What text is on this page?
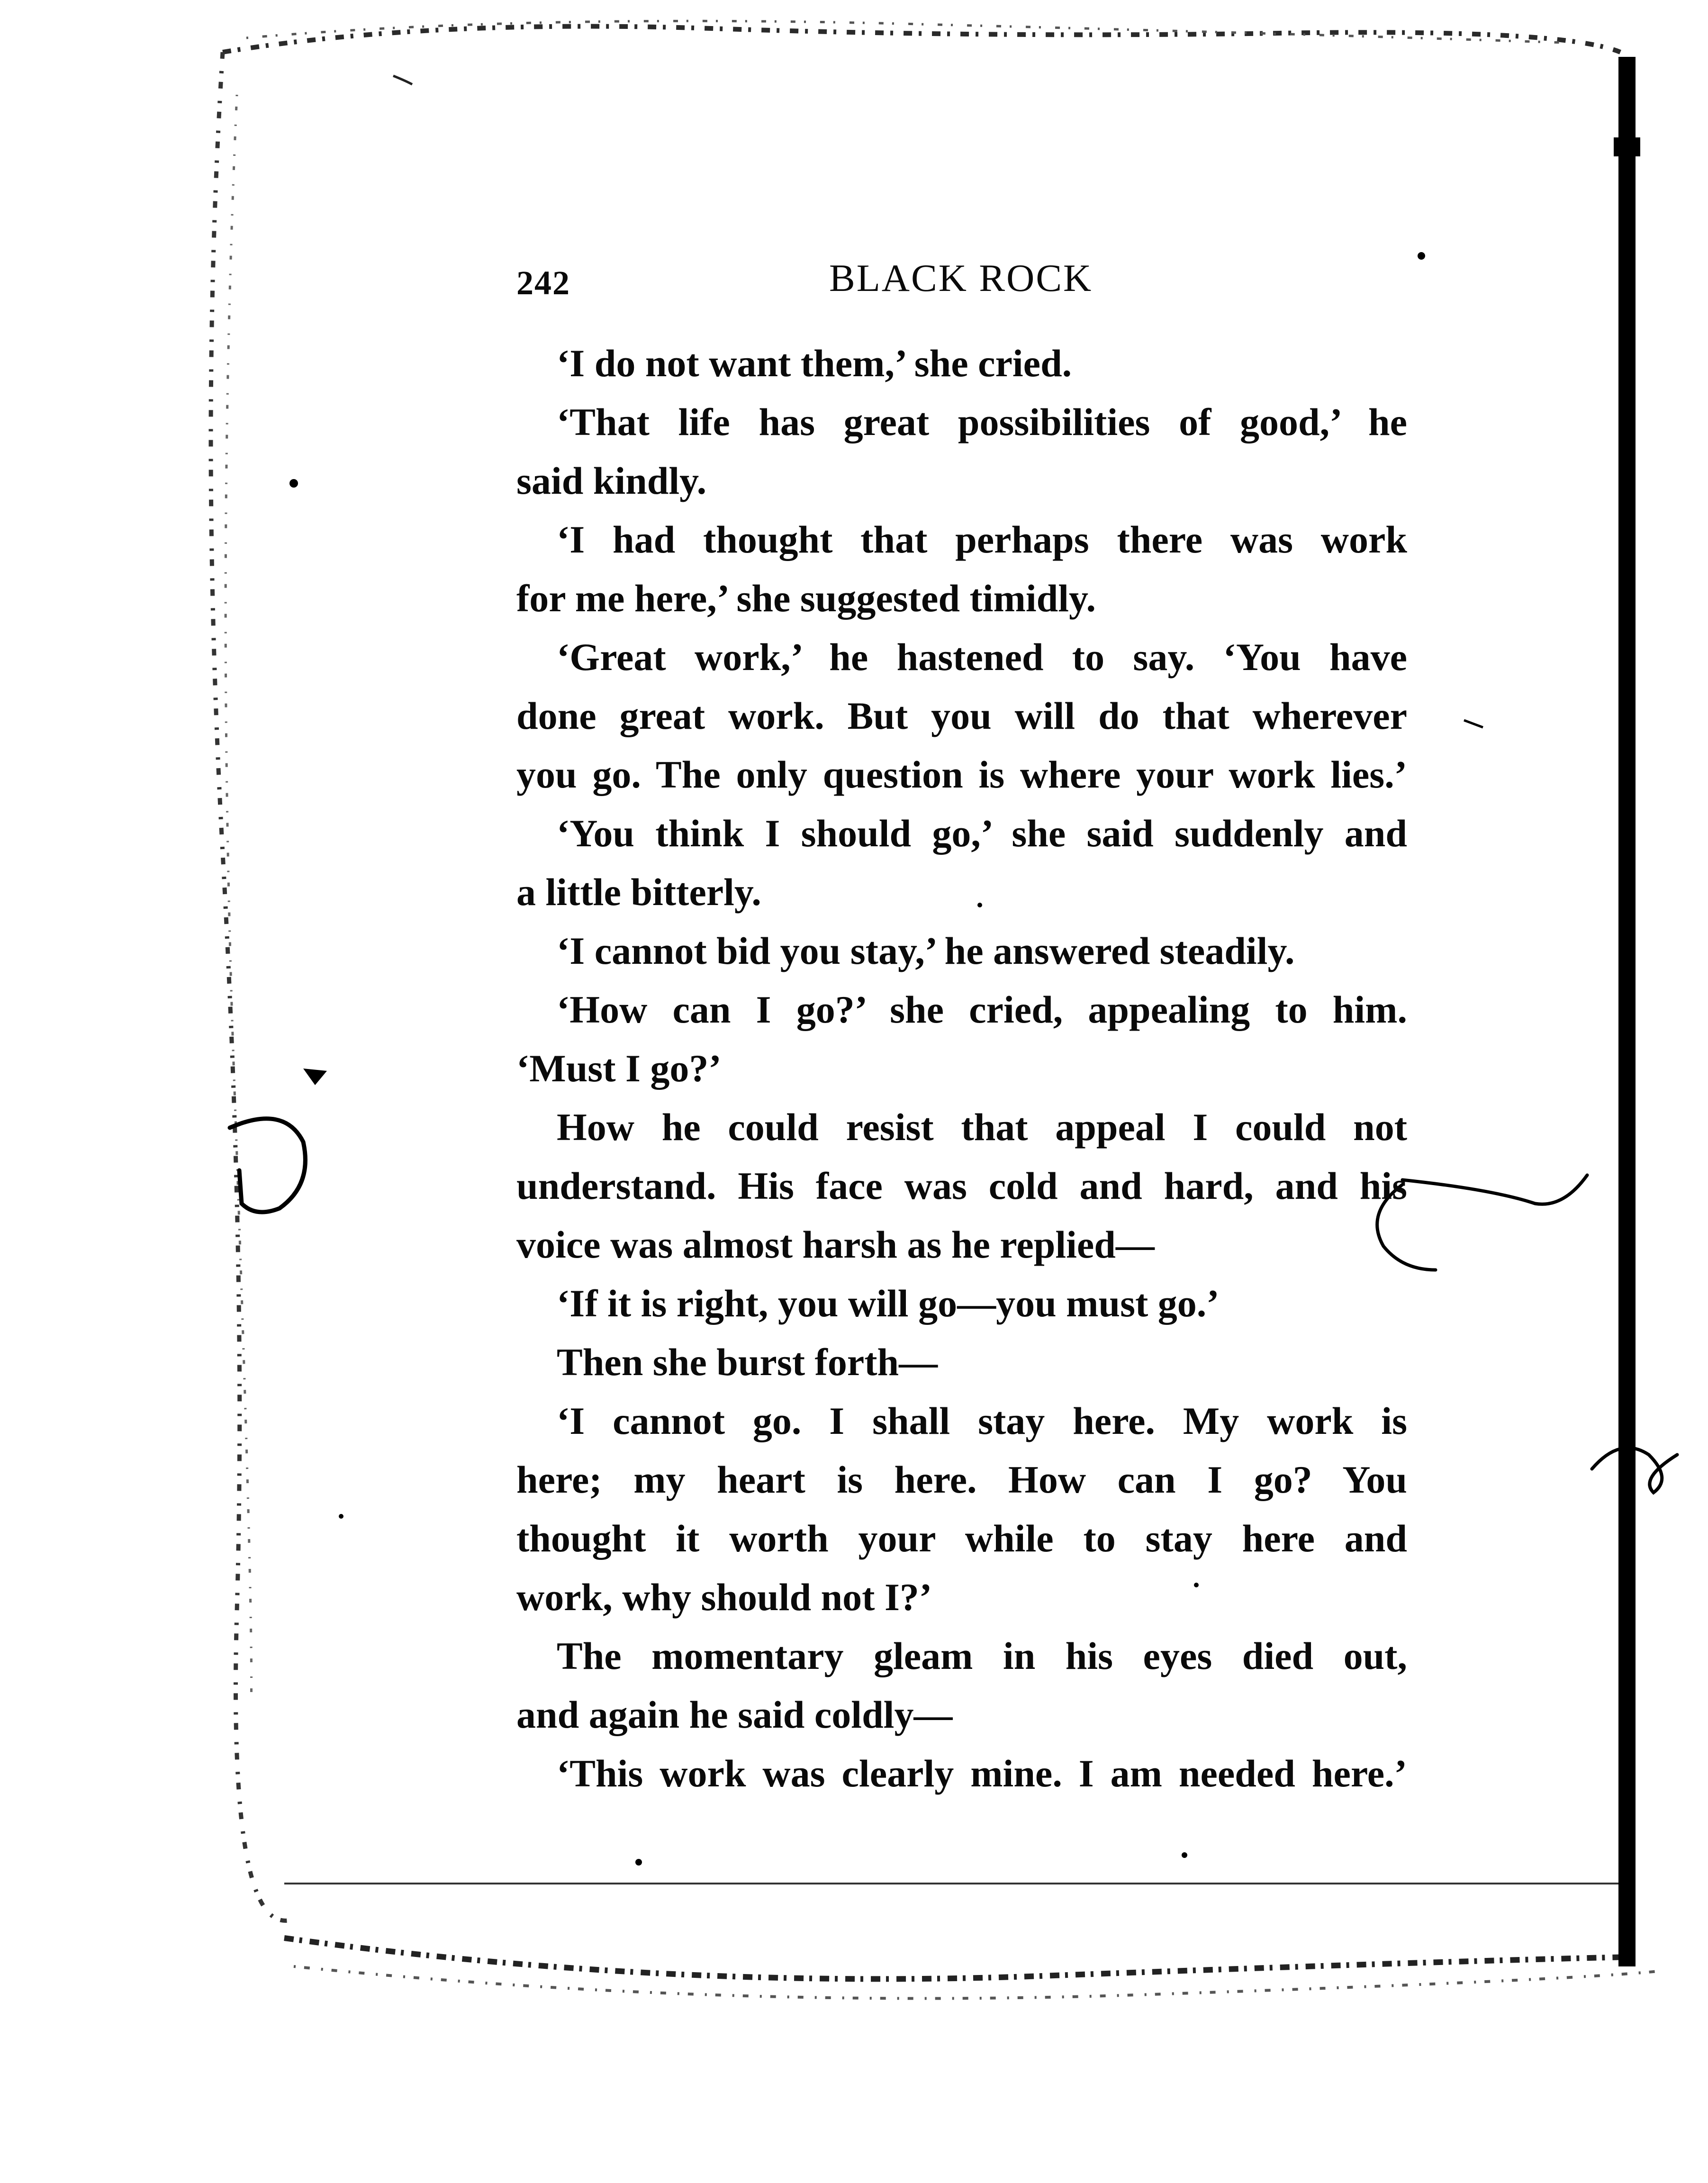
242	BLACK ROCK
‘I do not want them,’ she cried.
‘That life has great possibilities of good,’ he
said kindly.
‘I had thought that perhaps there was work
for me here,’ she suggested timidly.
‘Great work,’ he hastened to say. ‘You have
done great work. But you will do that wherever
you go. The only question is where your work lies.’
‘You think I should go,’ she said suddenly and
a little bitterly.
‘I cannot bid you stay,’ he answered steadily.
‘How can I go?’ she cried, appealing to him.
‘Must I go?’
How he could resist that appeal I could not
understand. His face was cold and hard, and his
voice was almost harsh as he replied—
‘If it is right, you will go—you must go.’
Then she burst forth—
‘I cannot go. I shall stay here. My work is
here; my heart is here. How can I go? You
thought it worth your while to stay here and
work, why should not I?’
The momentary gleam in his eyes died out,
and again he said coldly—
‘This work was clearly mine. I am needed here.’
